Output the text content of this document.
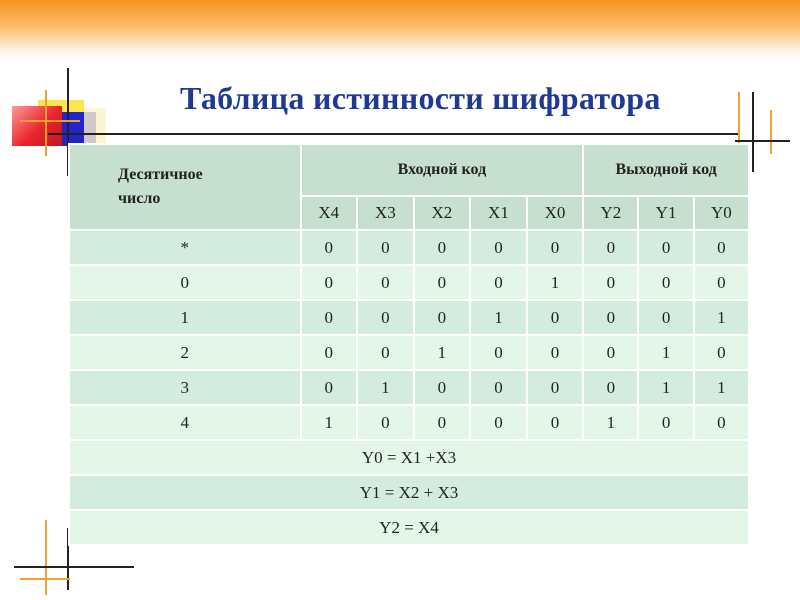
Таблица истинности шифратора
Десятичное
число	Входной код					Выходной код		
	X4	X3	X2	X1	X0	Y2	Y1	Y0
*	0	0	0	0	0	0	0	0
0	0	0	0	0	1	0	0	0
1	0	0	0	1	0	0	0	1
2	0	0	1	0	0	0	1	0
3	0	1	0	0	0	0	1	1
4	1	0	0	0	0	1	0	0
Y0 = X1 +X3								
Y1 = X2 + X3								
Y2 = X4								
